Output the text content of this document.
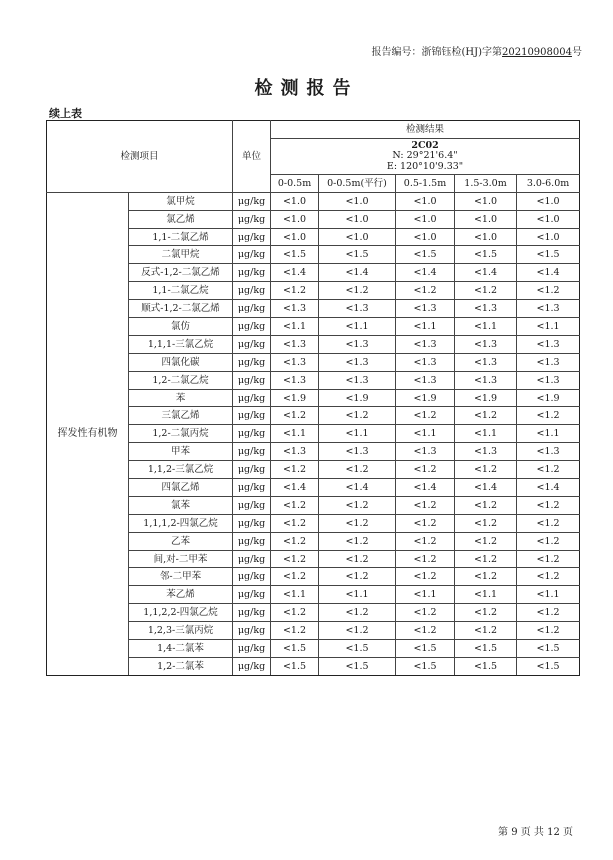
报告编号：浙锦钰检(HJ)字第20210908004号
检测报告
续上表
检测项目		单位	检测结果				

			2C02
N: 29°21'6.4"
E: 120°10'9.33"				

			0-0.5m	0-0.5m(平行)	0.5-1.5m	1.5-3.0m	3.0-6.0m
挥发性有机物	氯甲烷	μg/kg	<1.0	<1.0	<1.0	<1.0	<1.0
	氯乙烯	μg/kg	<1.0	<1.0	<1.0	<1.0	<1.0
	1,1-二氯乙烯	μg/kg	<1.0	<1.0	<1.0	<1.0	<1.0
	二氯甲烷	μg/kg	<1.5	<1.5	<1.5	<1.5	<1.5
	反式-1,2-二氯乙烯	μg/kg	<1.4	<1.4	<1.4	<1.4	<1.4
	1,1-二氯乙烷	μg/kg	<1.2	<1.2	<1.2	<1.2	<1.2
	顺式-1,2-二氯乙烯	μg/kg	<1.3	<1.3	<1.3	<1.3	<1.3
	氯仿	μg/kg	<1.1	<1.1	<1.1	<1.1	<1.1
	1,1,1-三氯乙烷	μg/kg	<1.3	<1.3	<1.3	<1.3	<1.3
	四氯化碳	μg/kg	<1.3	<1.3	<1.3	<1.3	<1.3
	1,2-二氯乙烷	μg/kg	<1.3	<1.3	<1.3	<1.3	<1.3
	苯	μg/kg	<1.9	<1.9	<1.9	<1.9	<1.9
	三氯乙烯	μg/kg	<1.2	<1.2	<1.2	<1.2	<1.2
	1,2-二氯丙烷	μg/kg	<1.1	<1.1	<1.1	<1.1	<1.1
	甲苯	μg/kg	<1.3	<1.3	<1.3	<1.3	<1.3
	1,1,2-三氯乙烷	μg/kg	<1.2	<1.2	<1.2	<1.2	<1.2
	四氯乙烯	μg/kg	<1.4	<1.4	<1.4	<1.4	<1.4
	氯苯	μg/kg	<1.2	<1.2	<1.2	<1.2	<1.2
	1,1,1,2-四氯乙烷	μg/kg	<1.2	<1.2	<1.2	<1.2	<1.2
	乙苯	μg/kg	<1.2	<1.2	<1.2	<1.2	<1.2
	间,对-二甲苯	μg/kg	<1.2	<1.2	<1.2	<1.2	<1.2
	邻-二甲苯	μg/kg	<1.2	<1.2	<1.2	<1.2	<1.2
	苯乙烯	μg/kg	<1.1	<1.1	<1.1	<1.1	<1.1
	1,1,2,2-四氯乙烷	μg/kg	<1.2	<1.2	<1.2	<1.2	<1.2
	1,2,3-三氯丙烷	μg/kg	<1.2	<1.2	<1.2	<1.2	<1.2
	1,4-二氯苯	μg/kg	<1.5	<1.5	<1.5	<1.5	<1.5
	1,2-二氯苯	μg/kg	<1.5	<1.5	<1.5	<1.5	<1.5
第 9 页 共 12 页
